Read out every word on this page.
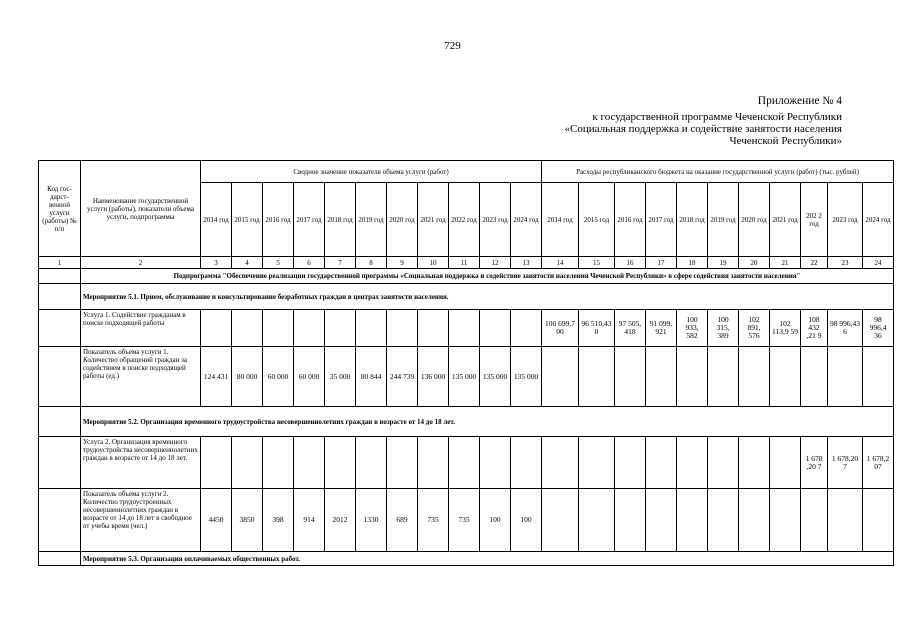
729
Приложение № 4
к государственной программе Чеченской Республики «Социальная поддержка и содействие занятости населения Чеченской Республики»
Код гос-дарст-венной услуги (работы) № п/п	Наименование государственной услуги (работы), показатели объема услуги, подпрограммы	Сводное значение показателя объема услуги (работ)											Расходы республиканского бюджета на оказание государственной услуги (работ) (тыс. рублей)										
		2014 год	2015 год	2016 год	2017 год	2018 год	2019 год	2020 год	2021 год	2022 год	2023 год	2024 год	2014 год	2015 год	2016 год	2017 год	2018 год	2019 год	2020 год	2021 год	202 2 год	2023 год	2024 год
1	2	3	4	5	6	7	8	9	10	11	12	13	14	15	16	17	18	19	20	21	22	23	24
	Подпрограмма "Обеспечение реализации государственной программы «Социальная поддержка и содействие занятости населения Чеченской Республики» в сфере содействия занятости населения"																						
	Мероприятие 5.1. Прием, обслуживание и консультирование безработных граждан в центрах занятости населения.																						
	Услуга 1. Содействие гражданам в поиске подходящей работы												100 699,7 00	96 510,43 0	97 505, 418	91 099, 921	100 933, 582	100 315, 389	102 891, 576	102 113,9 59	108 432 ,21 9	98 996,43 6	98 996,4 36
	Показатель объема услуги 1. Количество обращений граждан за содействием в поиске подходящей работы (ед.)	124 431	80 000	60 000	60 000	35 000	80 844	244 739	136 000	135 000	135 000	135 000											
	Мероприятие 5.2. Организация временного трудоустройства несовершеннолетних граждан в возрасте от 14 до 18 лет.																						
	Услуга 2. Организация временного трудоустройства несовершеннолетних граждан в возрасте от 14 до 18 лет.																				1 678 ,20 7	1 678,20 7	1 678,2 07
	Показатель объема услуги 2. Количество трудоустроенных несовершеннолетних граждан в возрасте от 14 до 18 лет в свободное от учебы время (чел.)	4450	3850	398	914	2012	1330	689	735	735	100	100											
	Мероприятие 5.3. Организация оплачиваемых общественных работ.																						
